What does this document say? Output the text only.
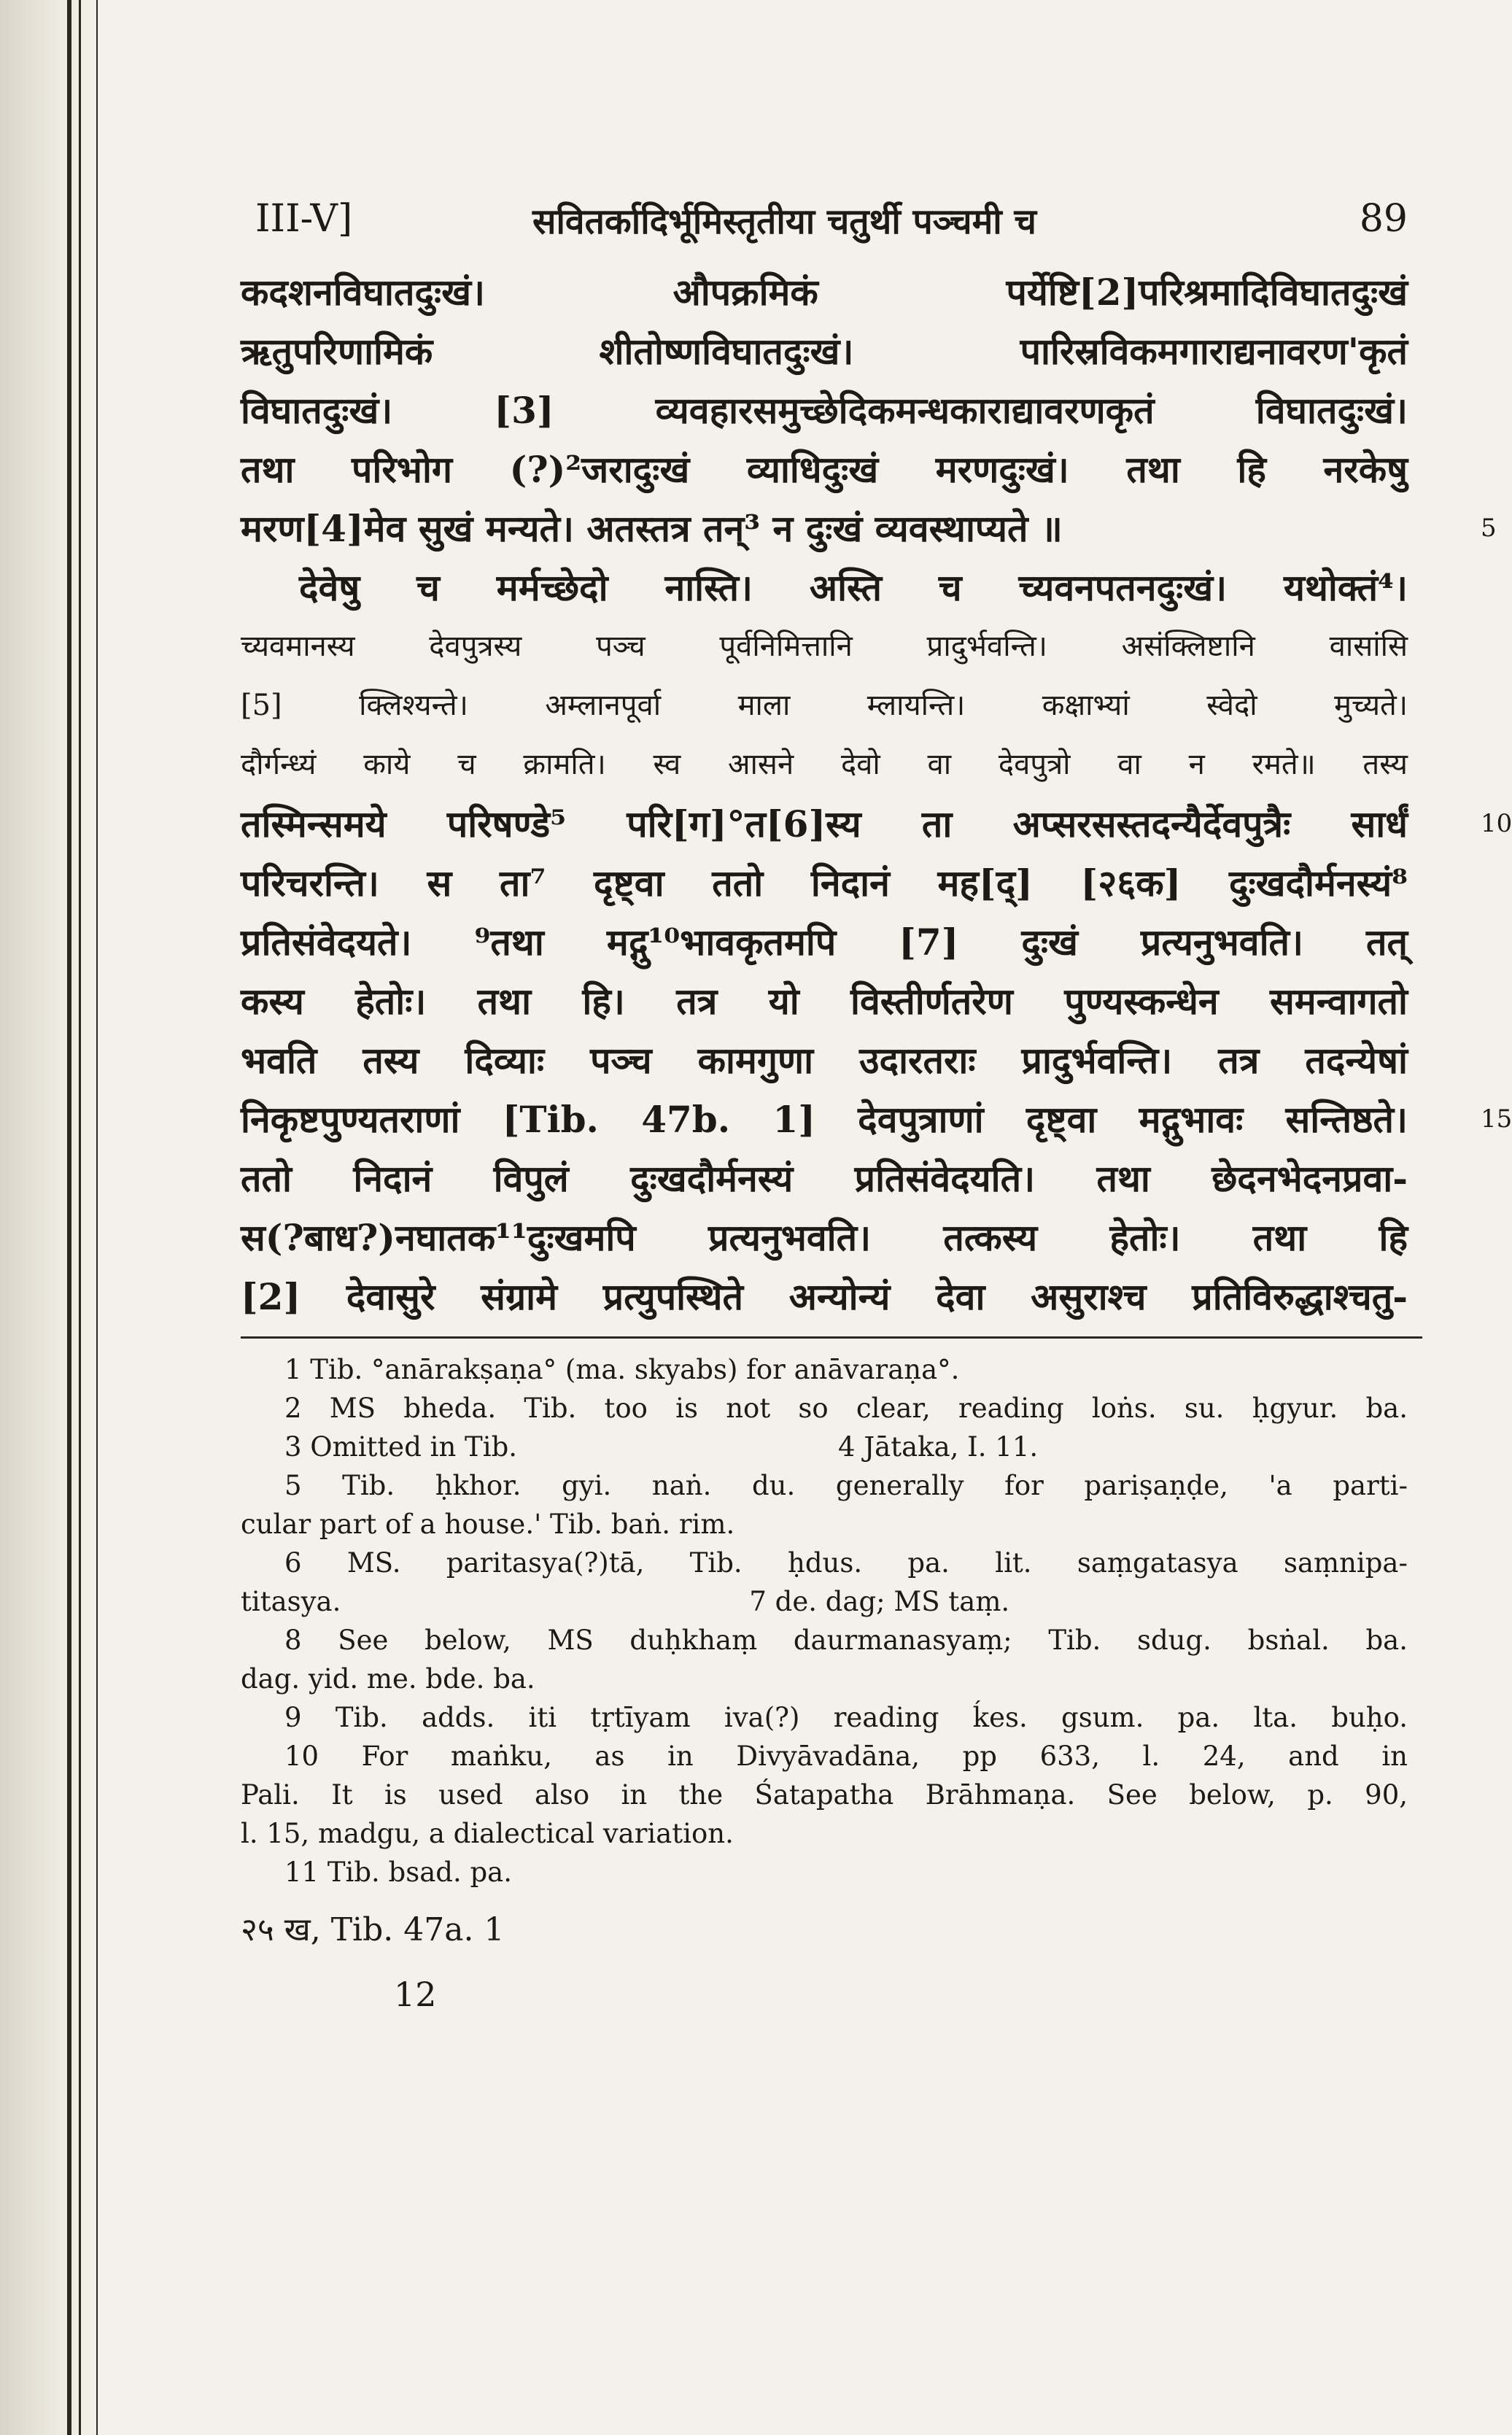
III-V]	सवितर्कादिर्भूमिस्तृतीया चतुर्थी पञ्चमी च	89
कदशनविघातदुःखं। औपक्रमिकं पर्येष्टि[2]परिश्रमादिविघातदुःखं
ऋतुपरिणामिकं शीतोष्णविघातदुःखं। पारिस्रविकमगाराद्यनावरण'कृतं
विघातदुःखं। [3] व्यवहारसमुच्छेदिकमन्धकाराद्यावरणकृतं विघातदुःखं।
तथा परिभोग (?)²जरादुःखं व्याधिदुःखं मरणदुःखं। तथा हि नरकेषु
मरण[4]मेव सुखं मन्यते। अतस्तत्र तन्³ न दुःखं व्यवस्थाप्यते ॥	5
देवेषु च मर्मच्छेदो नास्ति। अस्ति च च्यवनपतनदुःखं। यथोक्तं⁴।
च्यवमानस्य देवपुत्रस्य पञ्च पूर्वनिमित्तानि प्रादुर्भवन्ति। असंक्लिष्टानि वासांसि
[5] क्लिश्यन्ते। अम्लानपूर्वा माला म्लायन्ति। कक्षाभ्यां स्वेदो मुच्यते।
दौर्गन्ध्यं काये च क्रामति। स्व आसने देवो वा देवपुत्रो वा न रमते॥ तस्य
तस्मिन्समये परिषण्डे⁵ परि[ग]°त[6]स्य ता अप्सरसस्तदन्यैर्देवपुत्रैः सार्धं	10
परिचरन्ति। स ता⁷ दृष्ट्वा ततो निदानं मह[द्] [२६क] दुःखदौर्मनस्यं⁸
प्रतिसंवेदयते। ⁹तथा मद्गु¹⁰भावकृतमपि [7] दुःखं प्रत्यनुभवति। तत्
कस्य हेतोः। तथा हि। तत्र यो विस्तीर्णतरेण पुण्यस्कन्धेन समन्वागतो
भवति तस्य दिव्याः पञ्च कामगुणा उदारतराः प्रादुर्भवन्ति। तत्र तदन्येषां
निकृष्टपुण्यतराणां [Tib. 47b. 1] देवपुत्राणां दृष्ट्वा मद्गुभावः सन्तिष्ठते।	15
ततो निदानं विपुलं दुःखदौर्मनस्यं प्रतिसंवेदयति। तथा छेदनभेदनप्रवा-
स(?बाध?)नघातक¹¹दुःखमपि प्रत्यनुभवति। तत्कस्य हेतोः। तथा हि
[2] देवासुरे संग्रामे प्रत्युपस्थिते अन्योन्यं देवा असुराश्च प्रतिविरुद्धाश्चतु-
1 Tib. °anārakṣaṇa° (ma. skyabs) for anāvaraṇa°.
2 MS bheda. Tib. too is not so clear, reading loṅs. su. ḥgyur. ba.
3 Omitted in Tib.	4 Jātaka, I. 11.
5 Tib. ḥkhor. gyi. naṅ. du. generally for pariṣaṇḍe, 'a parti-
cular part of a house.' Tib. baṅ. rim.
6 MS. paritasya(?)tā, Tib. ḥdus. pa. lit. saṃgatasya saṃnipa-
titasya.	7 de. dag; MS taṃ.
8 See below, MS duḥkhaṃ daurmanasyaṃ; Tib. sdug. bsṅal. ba.
dag. yid. me. bde. ba.
9 Tib. adds. iti tṛtīyam iva(?) reading ḱes. gsum. pa. lta. buḥo.
10 For maṅku, as in Divyāvadāna, pp 633, l. 24, and in
Pali. It is used also in the Śatapatha Brāhmaṇa. See below, p. 90,
l. 15, madgu, a dialectical variation.
11 Tib. bsad. pa.
२५ ख, Tib. 47a. 1
12
